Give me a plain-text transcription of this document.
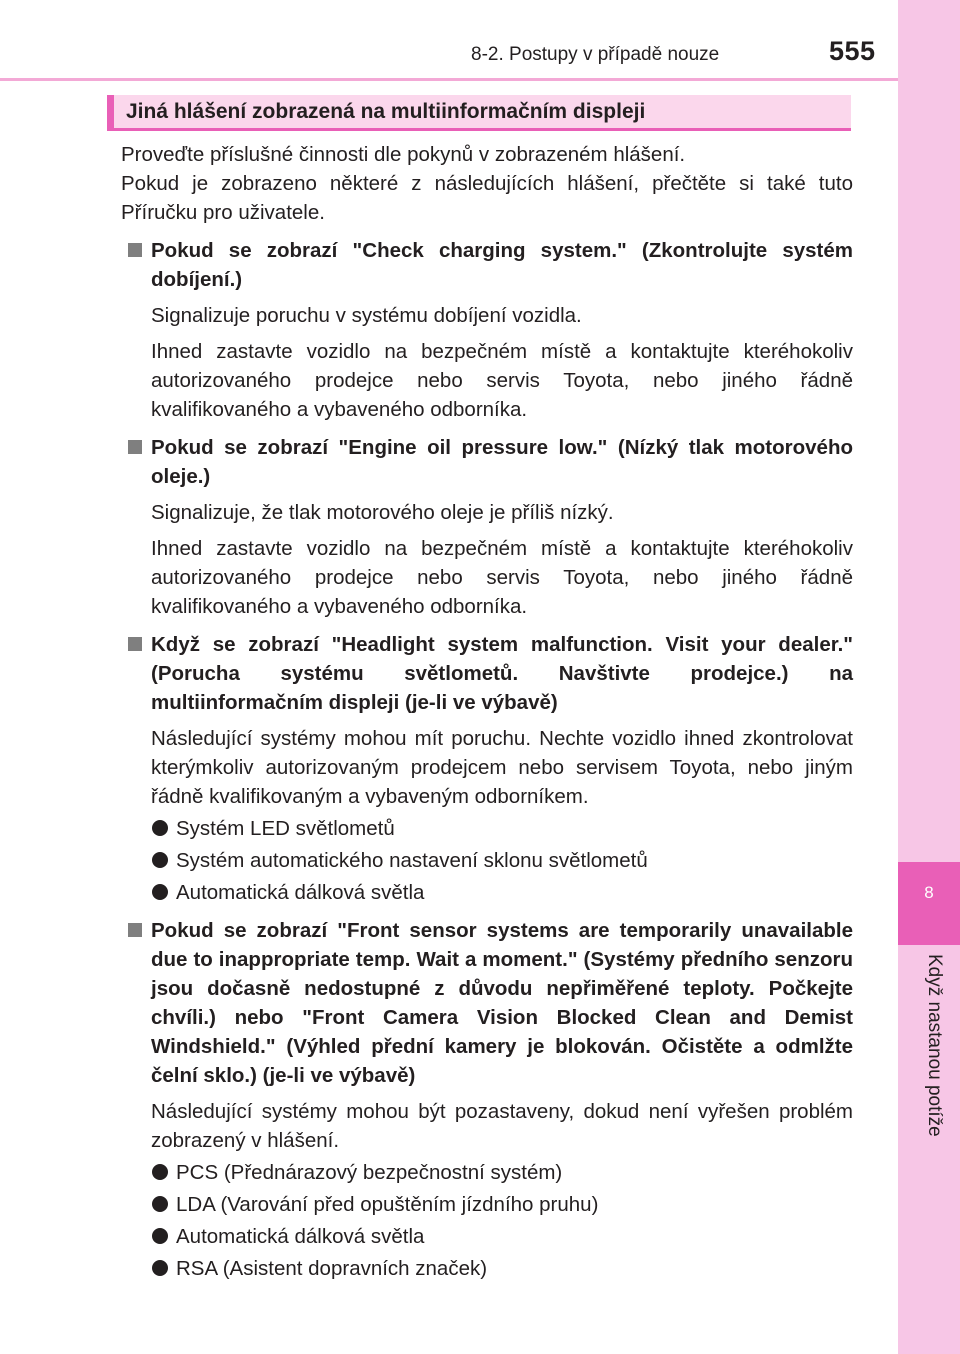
8-2. Postupy v případě nouze	555
8
Když nastanou potíže
Jiná hlášení zobrazená na multiinformačním displeji

Proveďte příslušné činnosti dle pokynů v zobrazeném hlášení.

Pokud je zobrazeno některé z následujících hlášení, přečtěte si také tuto Příručku pro uživatele.

Pokud se zobrazí "Check charging system." (Zkontrolujte systém dobíjení.)

Signalizuje poruchu v systému dobíjení vozidla.

Ihned zastavte vozidlo na bezpečném místě a kontaktujte kteréhokoliv autorizovaného prodejce nebo servis Toyota, nebo jiného řádně kvalifikovaného a vybaveného odborníka.

Pokud se zobrazí "Engine oil pressure low." (Nízký tlak motorového oleje.)

Signalizuje, že tlak motorového oleje je příliš nízký.

Ihned zastavte vozidlo na bezpečném místě a kontaktujte kteréhokoliv autorizovaného prodejce nebo servis Toyota, nebo jiného řádně kvalifikovaného a vybaveného odborníka.

Když se zobrazí "Headlight system malfunction. Visit your dealer." (Porucha systému světlometů. Navštivte prodejce.) na multiinformačním displeji (je-li ve výbavě)

Následující systémy mohou mít poruchu. Nechte vozidlo ihned zkontrolovat kterýmkoliv autorizovaným prodejcem nebo servisem Toyota, nebo jiným řádně kvalifikovaným a vybaveným odborníkem.

Systém LED světlometů
Systém automatického nastavení sklonu světlometů
Automatická dálková světla

Pokud se zobrazí "Front sensor systems are temporarily unavailable due to inappropriate temp. Wait a moment." (Systémy předního senzoru jsou dočasně nedostupné z důvodu nepřiměřené teploty. Počkejte chvíli.) nebo "Front Camera Vision Blocked Clean and Demist Windshield." (Výhled přední kamery je blokován. Očistěte a odmlžte čelní sklo.) (je-li ve výbavě)

Následující systémy mohou být pozastaveny, dokud není vyřešen problém zobrazený v hlášení.

PCS (Přednárazový bezpečnostní systém)
LDA (Varování před opuštěním jízdního pruhu)
Automatická dálková světla
RSA (Asistent dopravních značek)
